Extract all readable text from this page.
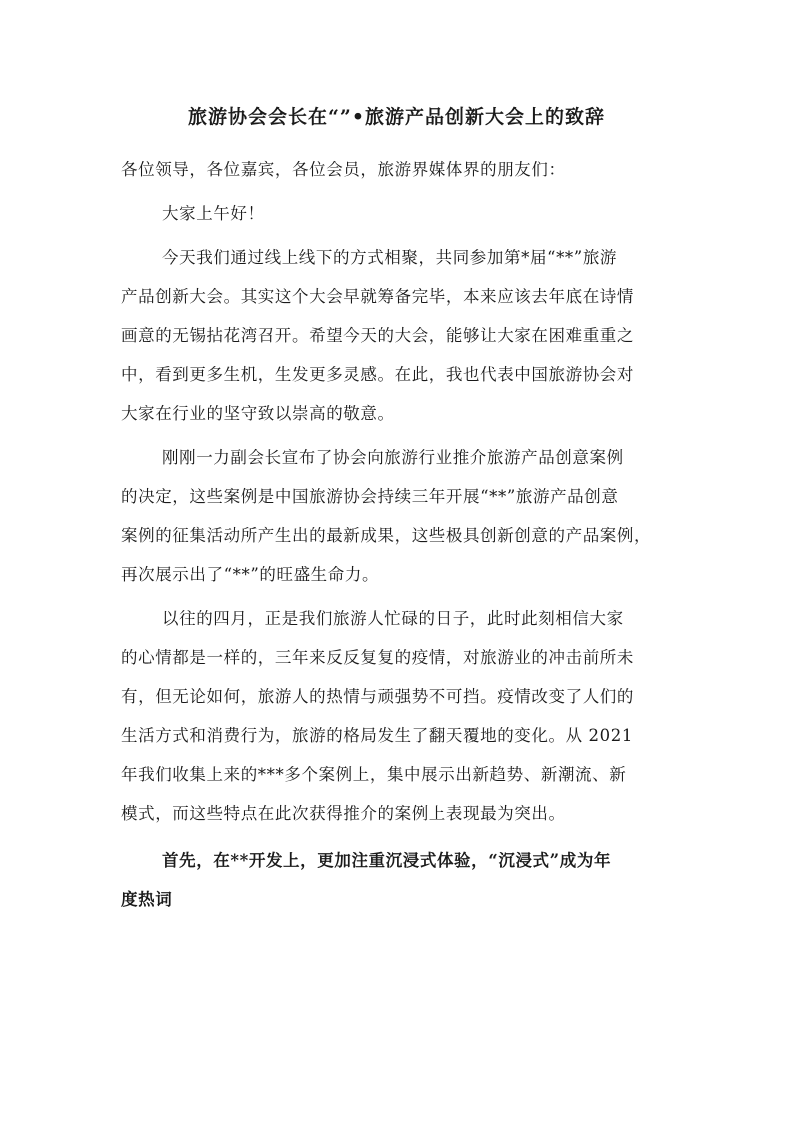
旅游协会会长在“”•旅游产品创新大会上的致辞

各位领导，各位嘉宾，各位会员，旅游界媒体界的朋友们：

大家上午好！

今天我们通过线上线下的方式相聚，共同参加第*届“**”旅游
产品创新大会。其实这个大会早就筹备完毕，本来应该去年底在诗情
画意的无锡拈花湾召开。希望今天的大会，能够让大家在困难重重之
中，看到更多生机，生发更多灵感。在此，我也代表中国旅游协会对
大家在行业的坚守致以崇高的敬意。

刚刚一力副会长宣布了协会向旅游行业推介旅游产品创意案例
的决定，这些案例是中国旅游协会持续三年开展“**”旅游产品创意
案例的征集活动所产生出的最新成果，这些极具创新创意的产品案例，
再次展示出了“**”的旺盛生命力。

以往的四月，正是我们旅游人忙碌的日子，此时此刻相信大家
的心情都是一样的，三年来反反复复的疫情，对旅游业的冲击前所未
有，但无论如何，旅游人的热情与顽强势不可挡。疫情改变了人们的
生活方式和消费行为，旅游的格局发生了翻天覆地的变化。从 2021
年我们收集上来的***多个案例上，集中展示出新趋势、新潮流、新
模式，而这些特点在此次获得推介的案例上表现最为突出。

首先，在**开发上，更加注重沉浸式体验，“沉浸式”成为年
度热词
